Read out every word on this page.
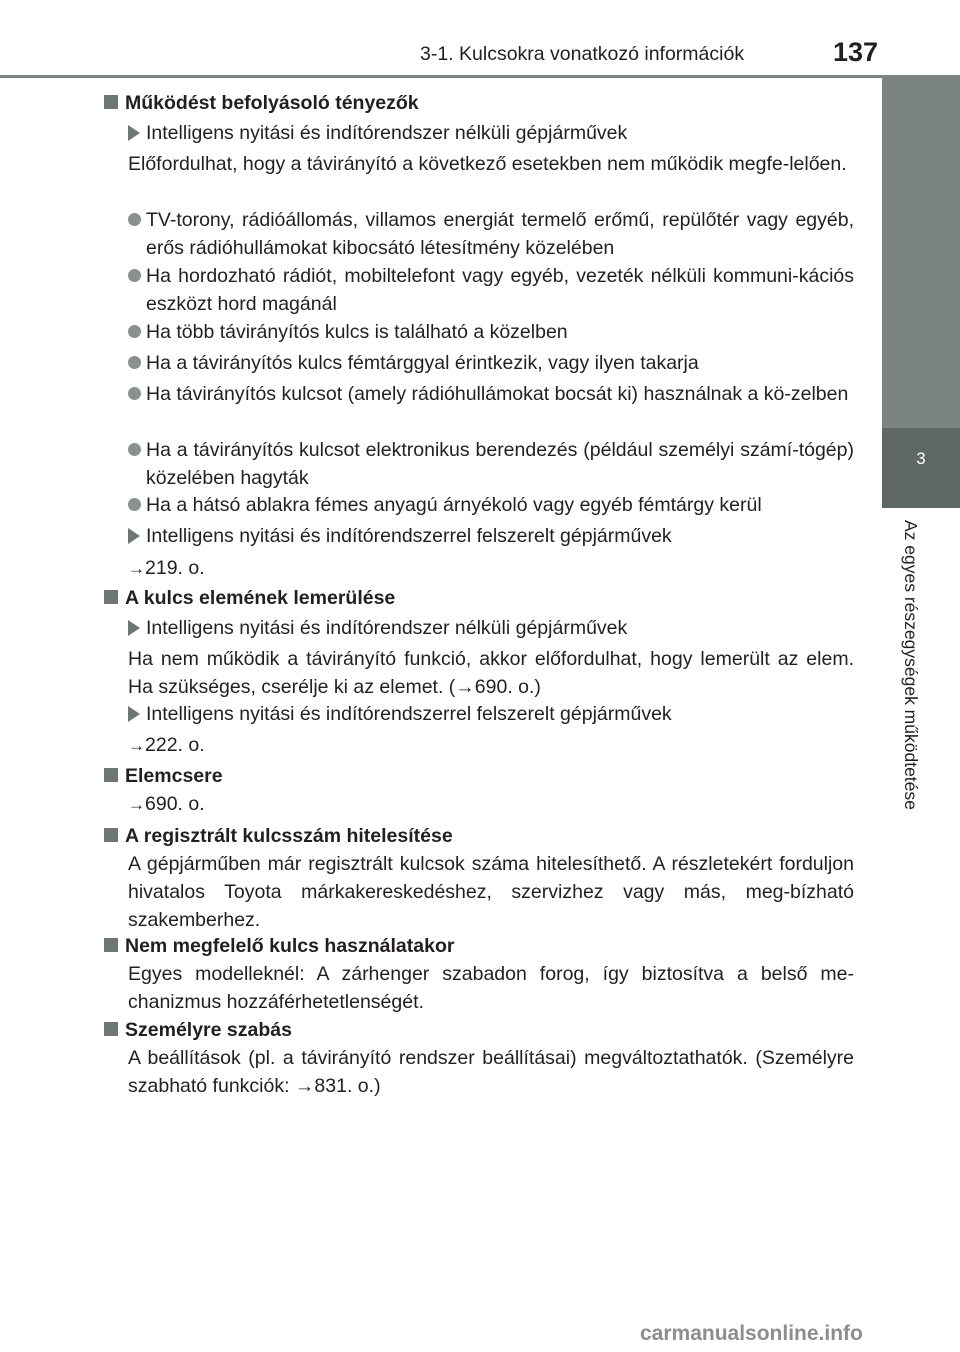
3-1. Kulcsokra vonatkozó információk	137
3
Az egyes részegységek működtetése
Működést befolyásoló tényezők
Intelligens nyitási és indítórendszer nélküli gépjárművek
Előfordulhat, hogy a távirányító a következő esetekben nem működik megfe-lelően.
TV-torony, rádióállomás, villamos energiát termelő erőmű, repülőtér vagy egyéb, erős rádióhullámokat kibocsátó létesítmény közelében
Ha hordozható rádiót, mobiltelefont vagy egyéb, vezeték nélküli kommuni-kációs eszközt hord magánál
Ha több távirányítós kulcs is található a közelben
Ha a távirányítós kulcs fémtárggyal érintkezik, vagy ilyen takarja
Ha távirányítós kulcsot (amely rádióhullámokat bocsát ki) használnak a kö-zelben
Ha a távirányítós kulcsot elektronikus berendezés (például személyi számí-tógép) közelében hagyták
Ha a hátsó ablakra fémes anyagú árnyékoló vagy egyéb fémtárgy kerül
Intelligens nyitási és indítórendszerrel felszerelt gépjárművek
→219. o.
A kulcs elemének lemerülése
Intelligens nyitási és indítórendszer nélküli gépjárművek
Ha nem működik a távirányító funkció, akkor előfordulhat, hogy lemerült az elem. Ha szükséges, cserélje ki az elemet. (→690. o.)
Intelligens nyitási és indítórendszerrel felszerelt gépjárművek
→222. o.
Elemcsere
→690. o.
A regisztrált kulcsszám hitelesítése
A gépjárműben már regisztrált kulcsok száma hitelesíthető. A részletekért forduljon hivatalos Toyota márkakereskedéshez, szervizhez vagy más, meg-bízható szakemberhez.
Nem megfelelő kulcs használatakor
Egyes modelleknél: A zárhenger szabadon forog, így biztosítva a belső me-chanizmus hozzáférhetetlenségét.
Személyre szabás
A beállítások (pl. a távirányító rendszer beállításai) megváltoztathatók. (Személyre szabható funkciók: →831. o.)
carmanualsonline.info
